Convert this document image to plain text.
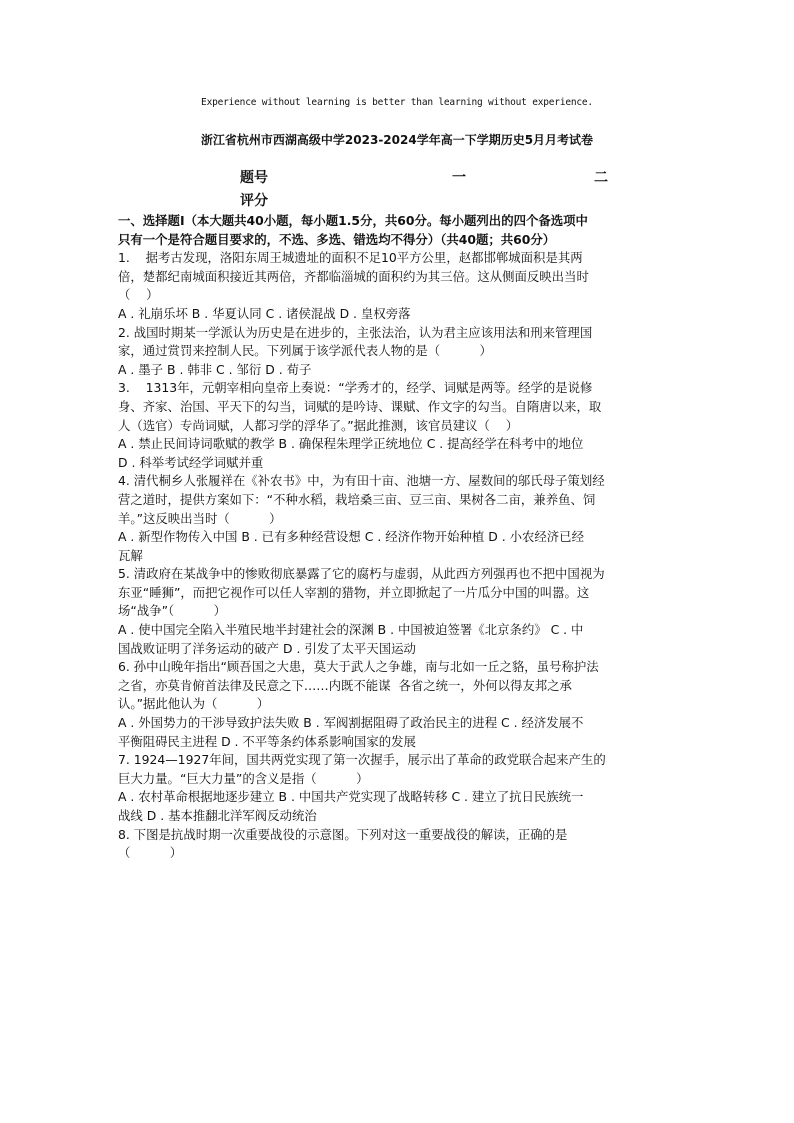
Experience without learning is better than learning without experience.
浙江省杭州市西湖高级中学2023-2024学年高一下学期历史5月月考试卷
题号	一	二
评分

一、选择题Ⅰ（本大题共40小题，每小题1.5分，共60分。每小题列出的四个备选项中

只有一个是符合题目要求的，不选、多选、错选均不得分）（共40题；共60分）

1.    据考古发现，洛阳东周王城遗址的面积不足10平方公里，赵都邯郸城面积是其两

倍，楚都纪南城面积接近其两倍，齐都临淄城的面积约为其三倍。这从侧面反映出当时

（    ）

A . 礼崩乐坏 B . 华夏认同 C . 诸侯混战 D . 皇权旁落

2. 战国时期某一学派认为历史是在进步的，主张法治，认为君主应该用法和刑来管理国

家，通过赏罚来控制人民。下列属于该学派代表人物的是（          ）

A . 墨子 B . 韩非 C . 邹衍 D . 荀子

3.    1313年，元朝宰相向皇帝上奏说：“学秀才的，经学、词赋是两等。经学的是说修

身、齐家、治国、平天下的勾当，词赋的是吟诗、课赋、作文字的勾当。自隋唐以来，取

人（选官）专尚词赋，人都习学的浮华了。”据此推测，该官员建议（    ）

A . 禁止民间诗词歌赋的教学 B . 确保程朱理学正统地位 C . 提高经学在科考中的地位

D . 科举考试经学词赋并重

4. 清代桐乡人张履祥在《补农书》中，为有田十亩、池塘一方、屋数间的邬氏母子策划经

营之道时，提供方案如下：“不种水稻，栽培桑三亩、豆三亩、果树各二亩，兼养鱼、饲

羊。”这反映出当时（          ）

A . 新型作物传入中国 B . 已有多种经营设想 C . 经济作物开始种植 D . 小农经济已经

瓦解

5. 清政府在某战争中的惨败彻底暴露了它的腐朽与虚弱，从此西方列强再也不把中国视为

东亚“睡狮”，而把它视作可以任人宰割的猎物，并立即掀起了一片瓜分中国的叫嚣。这

场“战争”（          ）

A . 使中国完全陷入半殖民地半封建社会的深渊 B . 中国被迫签署《北京条约》 C . 中

国战败证明了洋务运动的破产 D . 引发了太平天国运动

6. 孙中山晚年指出“顾吾国之大患，莫大于武人之争雄，南与北如一丘之貉，虽号称护法

之省，亦莫肯俯首法律及民意之下……内既不能谋  各省之统一，外何以得友邦之承

认。”据此他认为（          ）

A . 外国势力的干涉导致护法失败 B . 军阀割据阻碍了政治民主的进程 C . 经济发展不

平衡阻碍民主进程 D . 不平等条约体系影响国家的发展

7. 1924—1927年间，国共两党实现了第一次握手，展示出了革命的政党联合起来产生的

巨大力量。“巨大力量”的含义是指（          ）

A . 农村革命根据地逐步建立 B . 中国共产党实现了战略转移 C . 建立了抗日民族统一

战线 D . 基本推翻北洋军阀反动统治

8. 下图是抗战时期一次重要战役的示意图。下列对这一重要战役的解读，正确的是

（          ）
